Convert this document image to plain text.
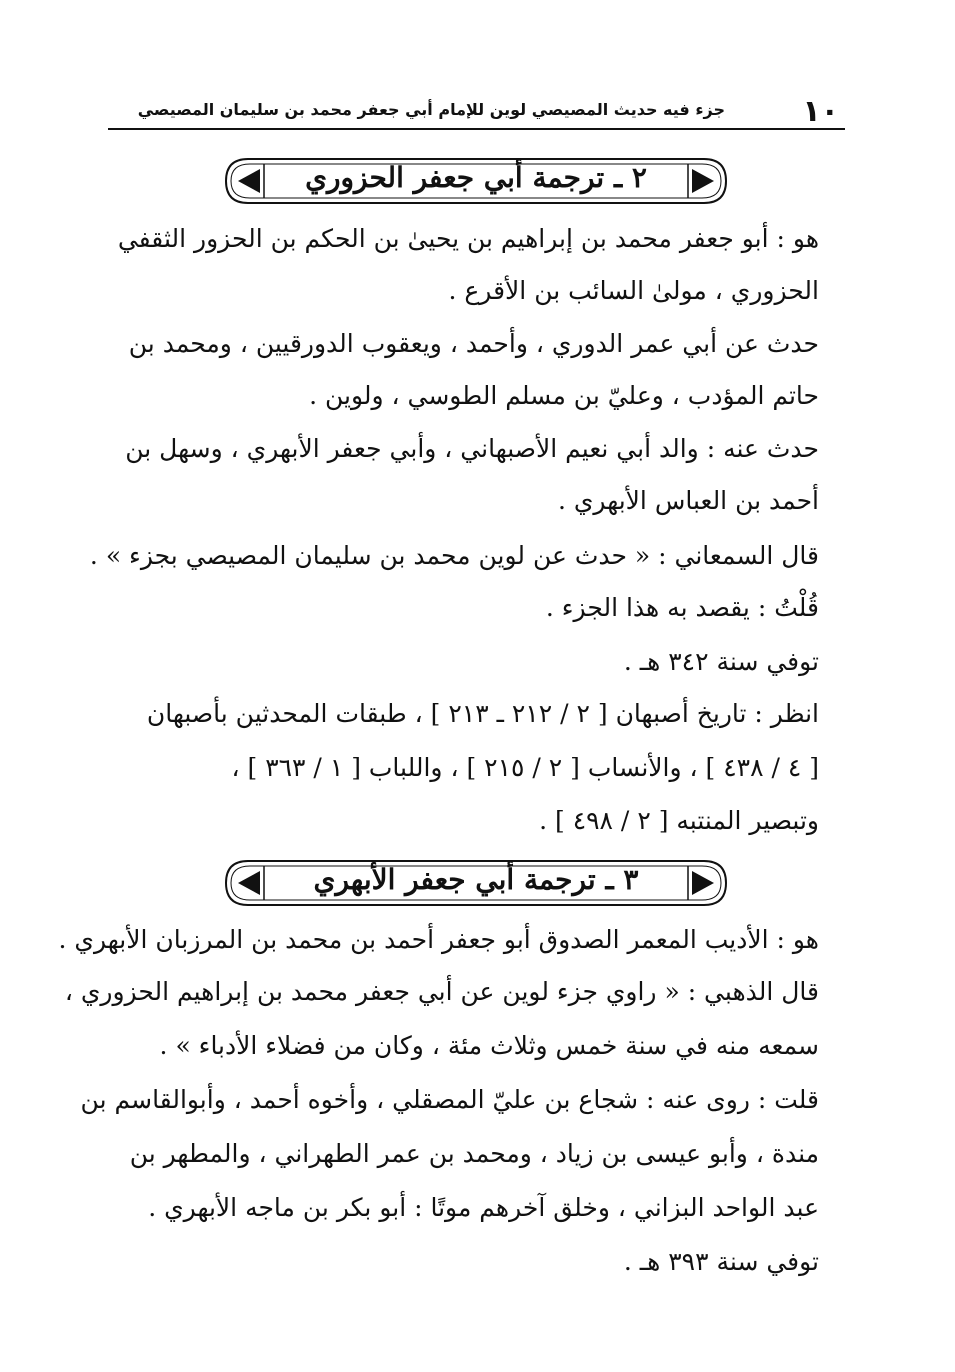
١٠
جزء فيه حديث المصيصي لوين للإمام أبي جعفر محمد بن سليمان المصيصي
٢ ـ ترجمة أبي جعفر الحزوري
هو : أبو جعفر محمد بن إبراهيم بن يحيىٰ بن الحكم بن الحزور الثقفي
الحزوري ، مولىٰ السائب بن الأقرع .
حدث عن أبي عمر الدوري ، وأحمد ، ويعقوب الدورقيين ، ومحمد بن
حاتم المؤدب ، وعليّ بن مسلم الطوسي ، ولوين .
حدث عنه : والد أبي نعيم الأصبهاني ، وأبي جعفر الأبهري ، وسهل بن
أحمد بن العباس الأبهري .
قال السمعاني : « حدث عن لوين محمد بن سليمان المصيصي بجزء » .
قُلْتُ : يقصد به هذا الجزء .
توفي سنة ٣٤٢ هـ .
انظر : تاريخ أصبهان [ ٢ / ٢١٢ ـ ٢١٣ ] ، طبقات المحدثين بأصبهان
[ ٤ / ٤٣٨ ] ، والأنساب [ ٢ / ٢١٥ ] ، واللباب [ ١ / ٣٦٣ ] ،
وتبصير المنتبه [ ٢ / ٤٩٨ ] .
٣ ـ ترجمة أبي جعفر الأبهري
هو : الأديب المعمر الصدوق أبو جعفر أحمد بن محمد بن المرزبان الأبهري .
قال الذهبي : « راوي جزء لوين عن أبي جعفر محمد بن إبراهيم الحزوري ،
سمعه منه في سنة خمس وثلاث مئة ، وكان من فضلاء الأدباء » .
قلت : روى عنه : شجاع بن عليّ المصقلي ، وأخوه أحمد ، وأبوالقاسم بن
مندة ، وأبو عيسى بن زياد ، ومحمد بن عمر الطهراني ، والمطهر بن
عبد الواحد البزاني ، وخلق آخرهم موتًا : أبو بكر بن ماجه الأبهري .
توفي سنة ٣٩٣ هـ .
